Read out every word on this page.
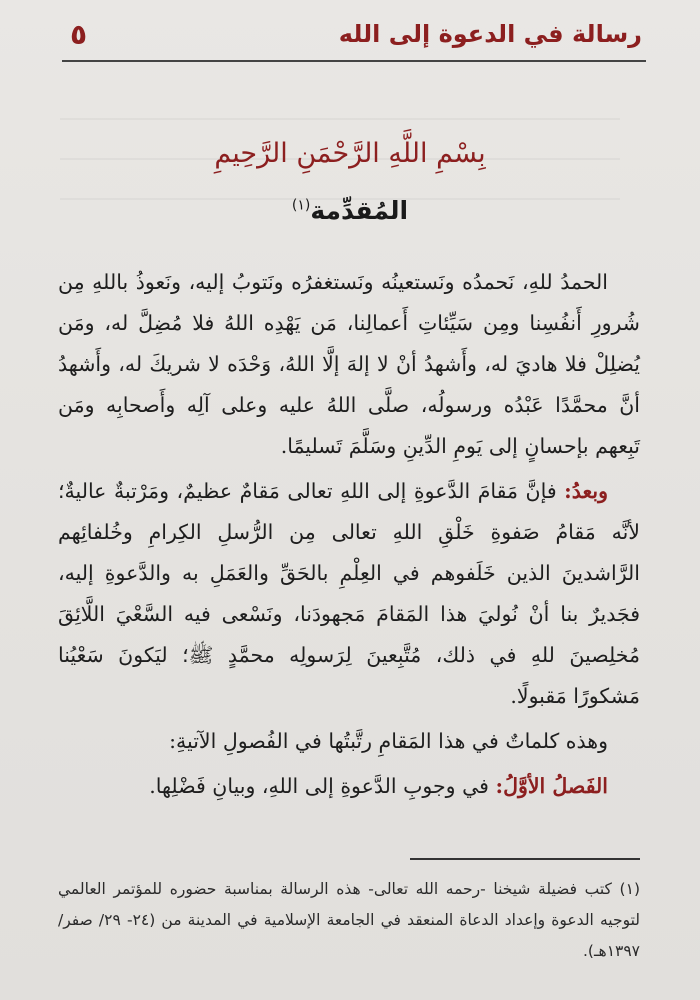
رسالة في الدعوة إلى الله
٥
بِسْمِ اللَّهِ الرَّحْمَنِ الرَّحِيمِ
المُقدِّمة$^{(١)}$

الحمدُ للهِ، نَحمدُه ونَستعينُه ونَستغفرُه ونَتوبُ إليه، ونَعوذُ باللهِ مِن شُرورِ أَنفُسِنا ومِن سَيِّئاتِ أَعمالِنا، مَن يَهْدِه اللهُ فلا مُضِلَّ له، ومَن يُضلِلْ فلا هاديَ له، وأَشهدُ أنْ لا إلهَ إلَّا اللهُ، وَحْدَه لا شريكَ له، وأَشهدُ أنَّ محمَّدًا عَبْدُه ورسولُه، صلَّى اللهُ عليه وعلى آلِه وأَصحابِه ومَن تَبِعهم بإحسانٍ إلى يَومِ الدِّينِ وسَلَّمَ تَسليمًا.

وبعدُ: فإنَّ مَقامَ الدَّعوةِ إلى اللهِ تعالى مَقامٌ عظيمٌ، ومَرْتبةٌ عاليةٌ؛ لأنَّه مَقامُ صَفوةِ خَلْقِ اللهِ تعالى مِن الرُّسلِ الكِرامِ وخُلفائِهم الرَّاشدينَ الذين خَلَفوهم في العِلْمِ بالحَقِّ والعَمَلِ به والدَّعوةِ إليه، فجَديرٌ بنا أنْ نُوليَ هذا المَقامَ مَجهودَنا، ونَسْعى فيه السَّعْيَ اللَّائِقَ مُخلِصينَ للهِ في ذلك، مُتَّبِعينَ لِرَسولِه محمَّدٍ ﷺ؛ ليَكونَ سَعْيُنا مَشكورًا مَقبولًا.

وهذه كلماتٌ في هذا المَقامِ رتَّبتُها في الفُصولِ الآتيةِ:

الفَصلُ الأوَّلُ: في وجوبِ الدَّعوةِ إلى اللهِ، وبيانِ فَضْلِها.

(١) كتب فضيلة شيخنا -رحمه الله تعالى- هذه الرسالة بمناسبة حضوره للمؤتمر العالمي لتوجيه الدعوة وإعداد الدعاة المنعقد في الجامعة الإسلامية في المدينة من (٢٤- ٢٩/ صفر/ ١٣٩٧هـ).
